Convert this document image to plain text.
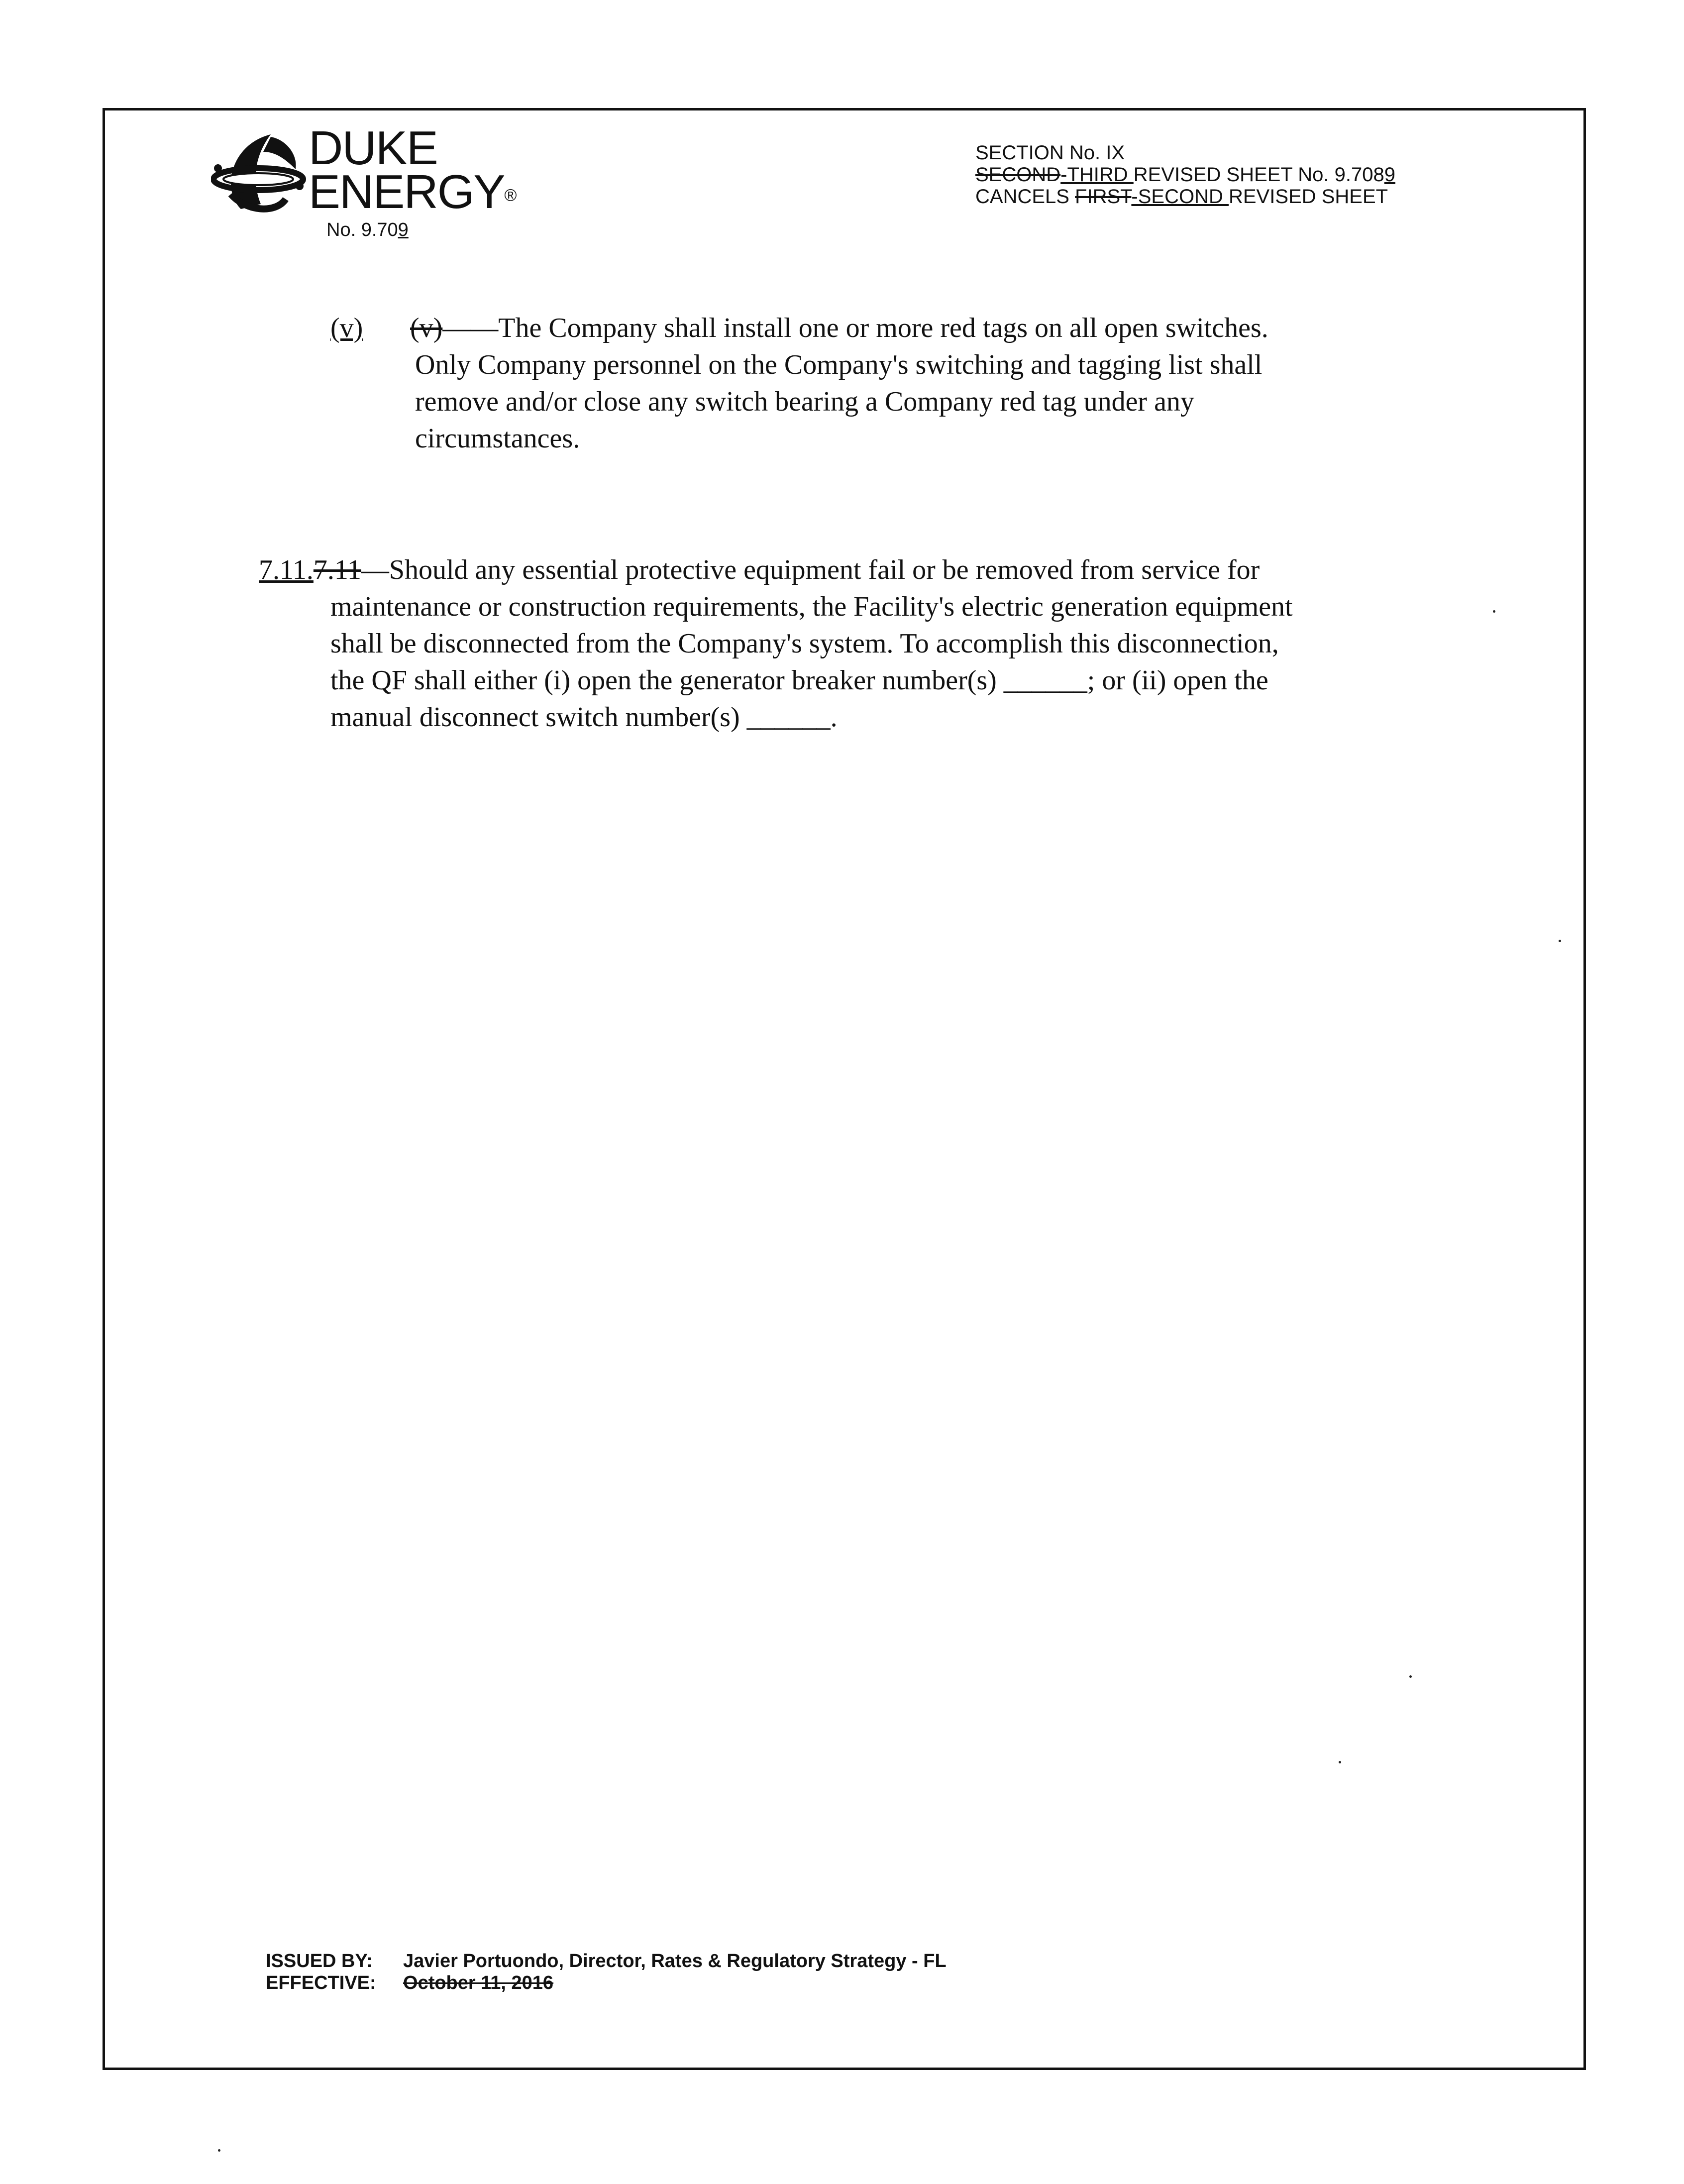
DUKE
ENERGY®
No. 9.709
SECTION No. IX
SECOND-THIRD REVISED SHEET No. 9.7089
CANCELS FIRST-SECOND REVISED SHEET
(v)	(v) —— The Company shall install one or more red tags on all open switches.
Only Company personnel on the Company's switching and tagging list shall
remove and/or close any switch bearing a Company red tag under any
circumstances.
7.11.7.11—Should any essential protective equipment fail or be removed from service for
maintenance or construction requirements, the Facility's electric generation equipment
shall be disconnected from the Company's system. To accomplish this disconnection,
the QF shall either (i) open the generator breaker number(s) ______; or (ii) open the
manual disconnect switch number(s) ______.
ISSUED BY: Javier Portuondo, Director, Rates & Regulatory Strategy - FL
EFFECTIVE: October 11, 2016
